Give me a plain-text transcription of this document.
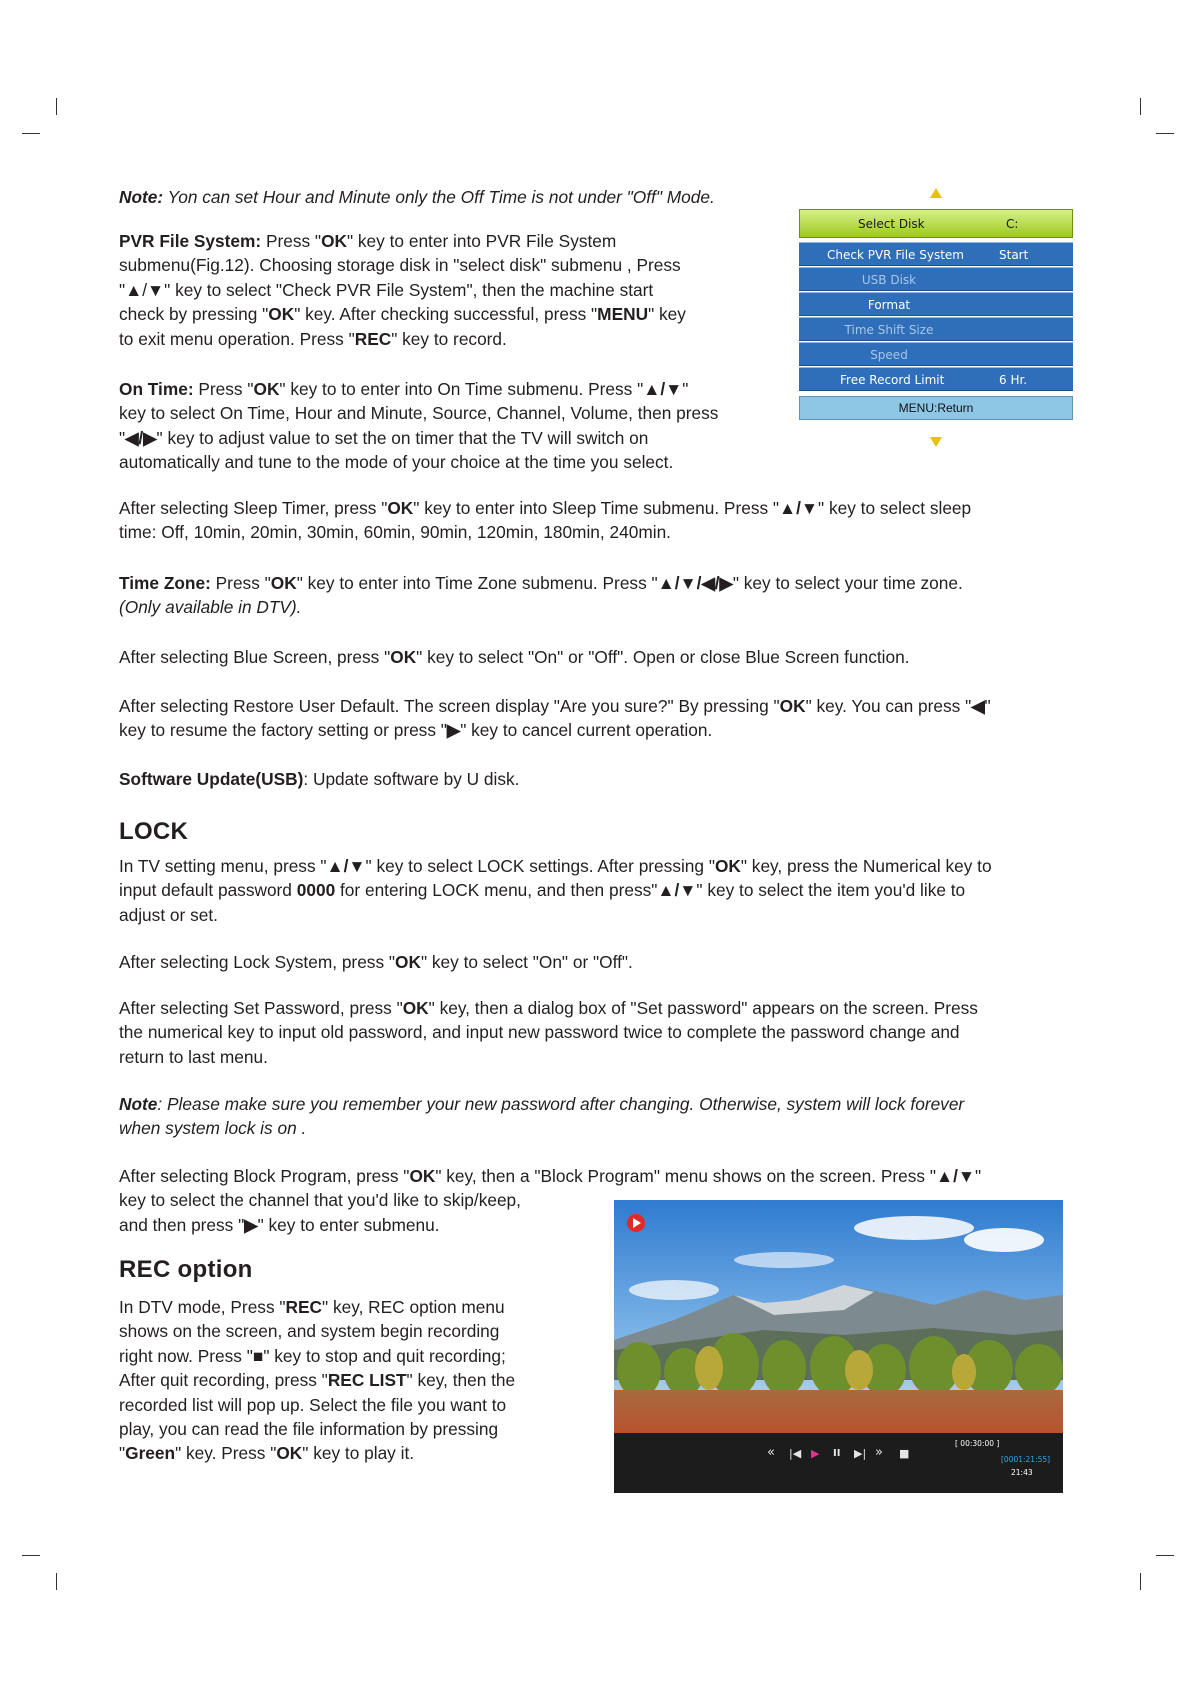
Note: Yon can set Hour and Minute only the Off Time is not under "Off" Mode.

PVR File System: Press "OK" key to enter into PVR File System
submenu(Fig.12). Choosing storage disk in "select disk" submenu , Press
"▲/▼" key to select "Check PVR File System", then the machine start
check by pressing "OK" key. After checking successful, press "MENU" key
to exit menu operation. Press "REC" key to record.

On Time: Press "OK" key to to enter into On Time submenu. Press "▲/▼"
key to select On Time, Hour and Minute, Source, Channel, Volume, then press
"◀/▶" key to adjust value to set the on timer that the TV will switch on
automatically and tune to the mode of your choice at the time you select.

After selecting Sleep Timer, press "OK" key to enter into Sleep Time submenu. Press "▲/▼" key to select sleep
time: Off, 10min, 20min, 30min, 60min, 90min, 120min, 180min, 240min.

Time Zone: Press "OK" key to enter into Time Zone submenu. Press "▲/▼/◀/▶" key to select your time zone.
(Only available in DTV).

After selecting Blue Screen, press "OK" key to select "On" or "Off". Open or close Blue Screen function.

After selecting Restore User Default. The screen display "Are you sure?" By pressing "OK" key. You can press "◀"
key to resume the factory setting or press "▶" key to cancel current operation.

Software Update(USB): Update software by U disk.

LOCK

In TV setting menu, press "▲/▼" key to select LOCK settings. After pressing "OK" key, press the Numerical key to
input default password 0000 for entering LOCK menu, and then press"▲/▼" key to select the item you'd like to
adjust or set.

After selecting Lock System, press "OK" key to select "On" or "Off".

After selecting Set Password, press "OK" key, then a dialog box of "Set password" appears on the screen. Press
the numerical key to input old password, and input new password twice to complete the password change and
return to last menu.

Note: Please make sure you remember your new password after changing. Otherwise, system will lock forever
when system lock is on .

After selecting Block Program, press "OK" key, then a "Block Program" menu shows on the screen. Press "▲/▼"
key to select the channel that you'd like to skip/keep,
and then press "▶" key to enter submenu.

REC option

In DTV mode, Press "REC" key, REC option menu
shows on the screen, and system begin recording
right now. Press "■" key to stop and quit recording;
After quit recording, press "REC LIST" key, then the
recorded list will pop up. Select the file you want to
play, you can read the file information by pressing
"Green" key. Press "OK" key to play it.

Select Disk	C:
Check PVR File System	Start
USB Disk
Format
Time Shift Size
Speed
Free Record Limit	6 Hr.
MENU:Return
« |◀ ▶ II ▶| » ■
[ 00:30:00 ]
[0001:21:55]
21:43
